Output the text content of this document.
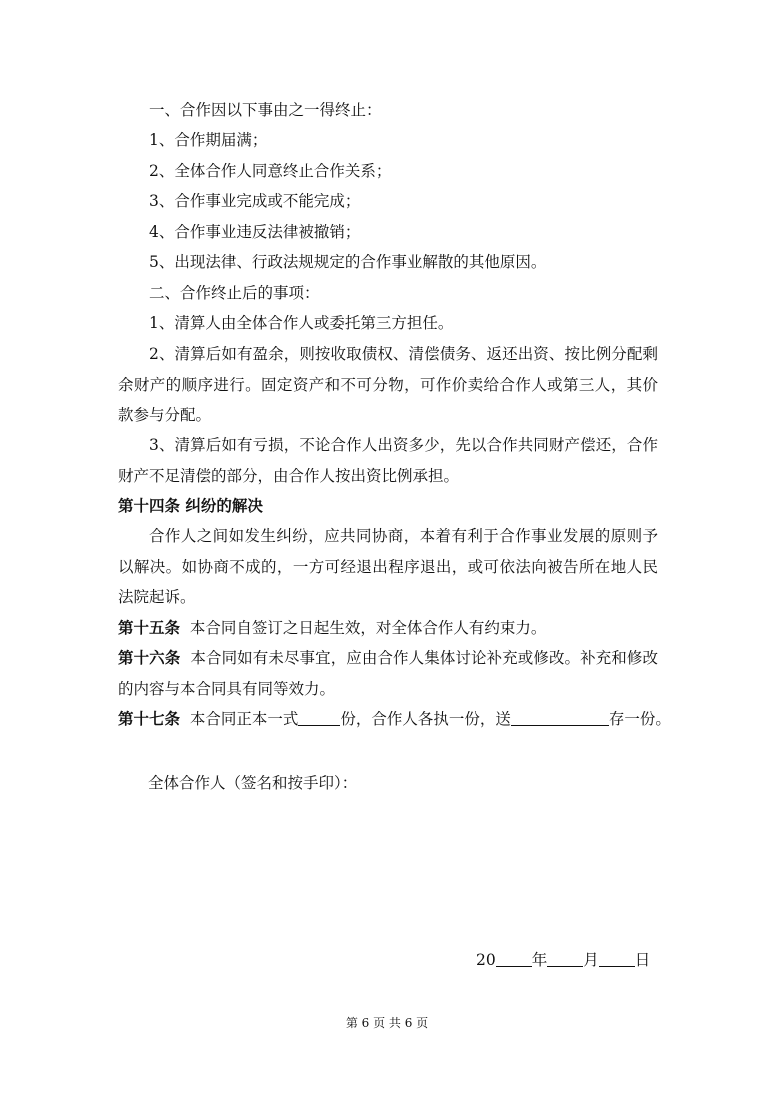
一、合作因以下事由之一得终止：

1、合作期届满；

2、全体合作人同意终止合作关系；

3、合作事业完成或不能完成；

4、合作事业违反法律被撤销；

5、出现法律、行政法规规定的合作事业解散的其他原因。

二、合作终止后的事项：

1、清算人由全体合作人或委托第三方担任。

2、清算后如有盈余，则按收取债权、清偿债务、返还出资、按比例分配剩余财产的顺序进行。固定资产和不可分物，可作价卖给合作人或第三人，其价款参与分配。

3、清算后如有亏损，不论合作人出资多少，先以合作共同财产偿还，合作财产不足清偿的部分，由合作人按出资比例承担。

第十四条 纠纷的解决

合作人之间如发生纠纷，应共同协商，本着有利于合作事业发展的原则予以解决。如协商不成的，一方可经退出程序退出，或可依法向被告所在地人民法院起诉。

第十五条 本合同自签订之日起生效，对全体合作人有约束力。

第十六条 本合同如有未尽事宜，应由合作人集体讨论补充或修改。补充和修改的内容与本合同具有同等效力。

第十七条 本合同正本一式	份，合作人各执一份，送	存一份。

全体合作人（签名和按手印）：

20 年 月 日

第 6 页 共 6 页
